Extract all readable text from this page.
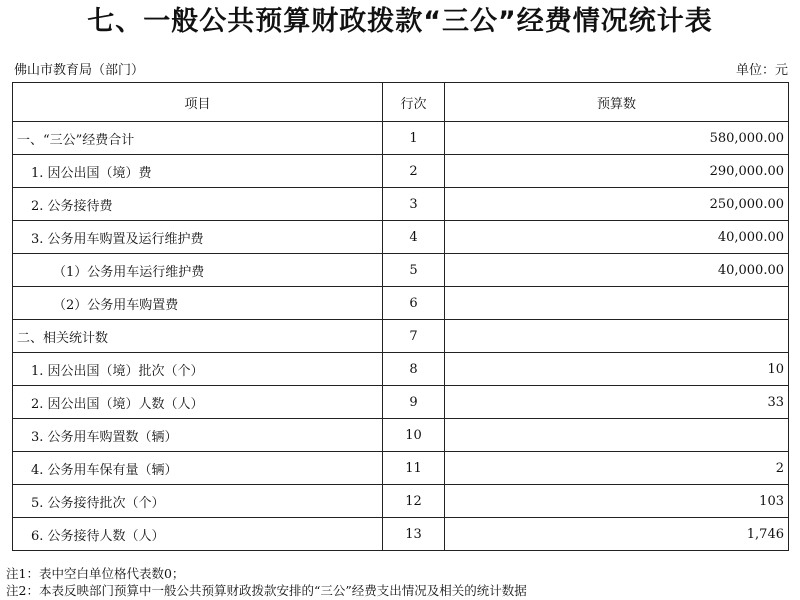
七、一般公共预算财政拨款“三公”经费情况统计表
佛山市教育局（部门）	单位：元
项目	行次	预算数
一、“三公”经费合计	1	580,000.00
1. 因公出国（境）费	2	290,000.00
2. 公务接待费	3	250,000.00
3. 公务用车购置及运行维护费	4	40,000.00
（1）公务用车运行维护费	5	40,000.00
（2）公务用车购置费	6	
二、相关统计数	7	
1. 因公出国（境）批次（个）	8	10
2. 因公出国（境）人数（人）	9	33
3. 公务用车购置数（辆）	10	
4. 公务用车保有量（辆）	11	2
5. 公务接待批次（个）	12	103
6. 公务接待人数（人）	13	1,746
注1：表中空白单位格代表数0；
注2：本表反映部门预算中一般公共预算财政拨款安排的“三公”经费支出情况及相关的统计数据
